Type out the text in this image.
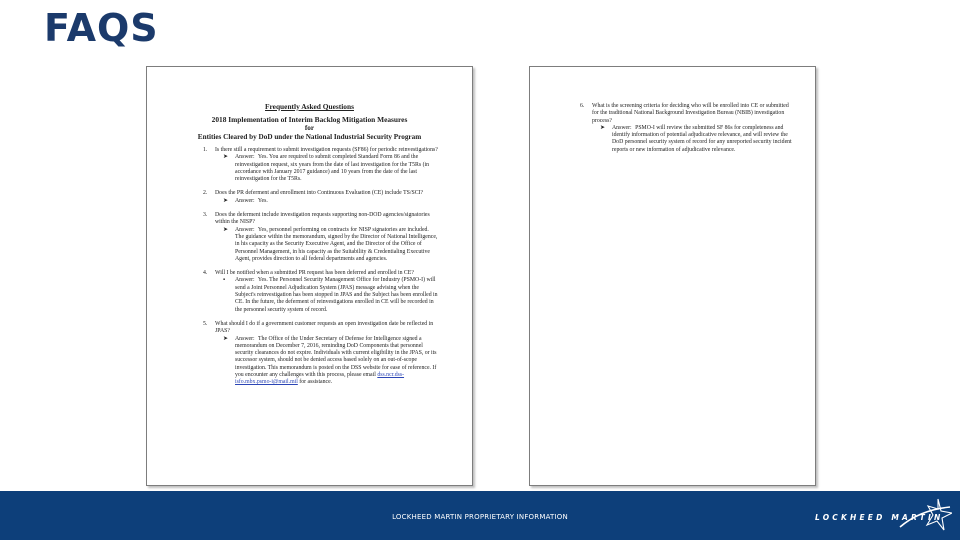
FAQS
Frequently Asked Questions
2018 Implementation of Interim Backlog Mitigation Measures
for
Entities Cleared by DoD under the National Industrial Security Program
1. Is there still a requirement to submit investigation requests (SF86) for periodic reinvestigations?
➤ Answer: Yes. You are required to submit completed Standard Form 86 and the reinvestigation request, six years from the date of last investigation for the T5Rs (in accordance with January 2017 guidance) and 10 years from the date of the last reinvestigation for the T5Rs.
2. Does the PR deferment and enrollment into Continuous Evaluation (CE) include TS/SCI?
➤ Answer: Yes.
3. Does the deferment include investigation requests supporting non-DOD agencies/signatories within the NISP?
➤ Answer: Yes, personnel performing on contracts for NISP signatories are included. The guidance within the memorandum, signed by the Director of National Intelligence, in his capacity as the Security Executive Agent, and the Director of the Office of Personnel Management, in his capacity as the Suitability & Credentialing Executive Agent, provides direction to all federal departments and agencies.
4. Will I be notified when a submitted PR request has been deferred and enrolled in CE?
▪ Answer: Yes. The Personnel Security Management Office for Industry (PSMO-I) will send a Joint Personnel Adjudication System (JPAS) message advising when the Subject's reinvestigation has been stopped in JPAS and the Subject has been enrolled in CE. In the future, the deferment of reinvestigations enrolled in CE will be recorded in the personnel security system of record.
5. What should I do if a government customer requests an open investigation date be reflected in JPAS?
➤ Answer: The Office of the Under Secretary of Defense for Intelligence signed a memorandum on December 7, 2016, reminding DoD Components that personnel security clearances do not expire. Individuals with current eligibility in the JPAS, or its successor system, should not be denied access based solely on an out-of-scope investigation. This memorandum is posted on the DSS website for ease of reference. If you encounter any challenges with this process, please email dss.ncr.dss-isfo.mbx.psmo-i@mail.mil for assistance.
6. What is the screening criteria for deciding who will be enrolled into CE or submitted for the traditional National Background Investigation Bureau (NBIB) investigation process?
➤ Answer: PSMO-I will review the submitted SF 86s for completeness and identify information of potential adjudicative relevance, and will review the DoD personnel security system of record for any unreported security incident reports or new information of adjudicative relevance.
LOCKHEED MARTIN PROPRIETARY INFORMATION	LOCKHEED MARTIN
